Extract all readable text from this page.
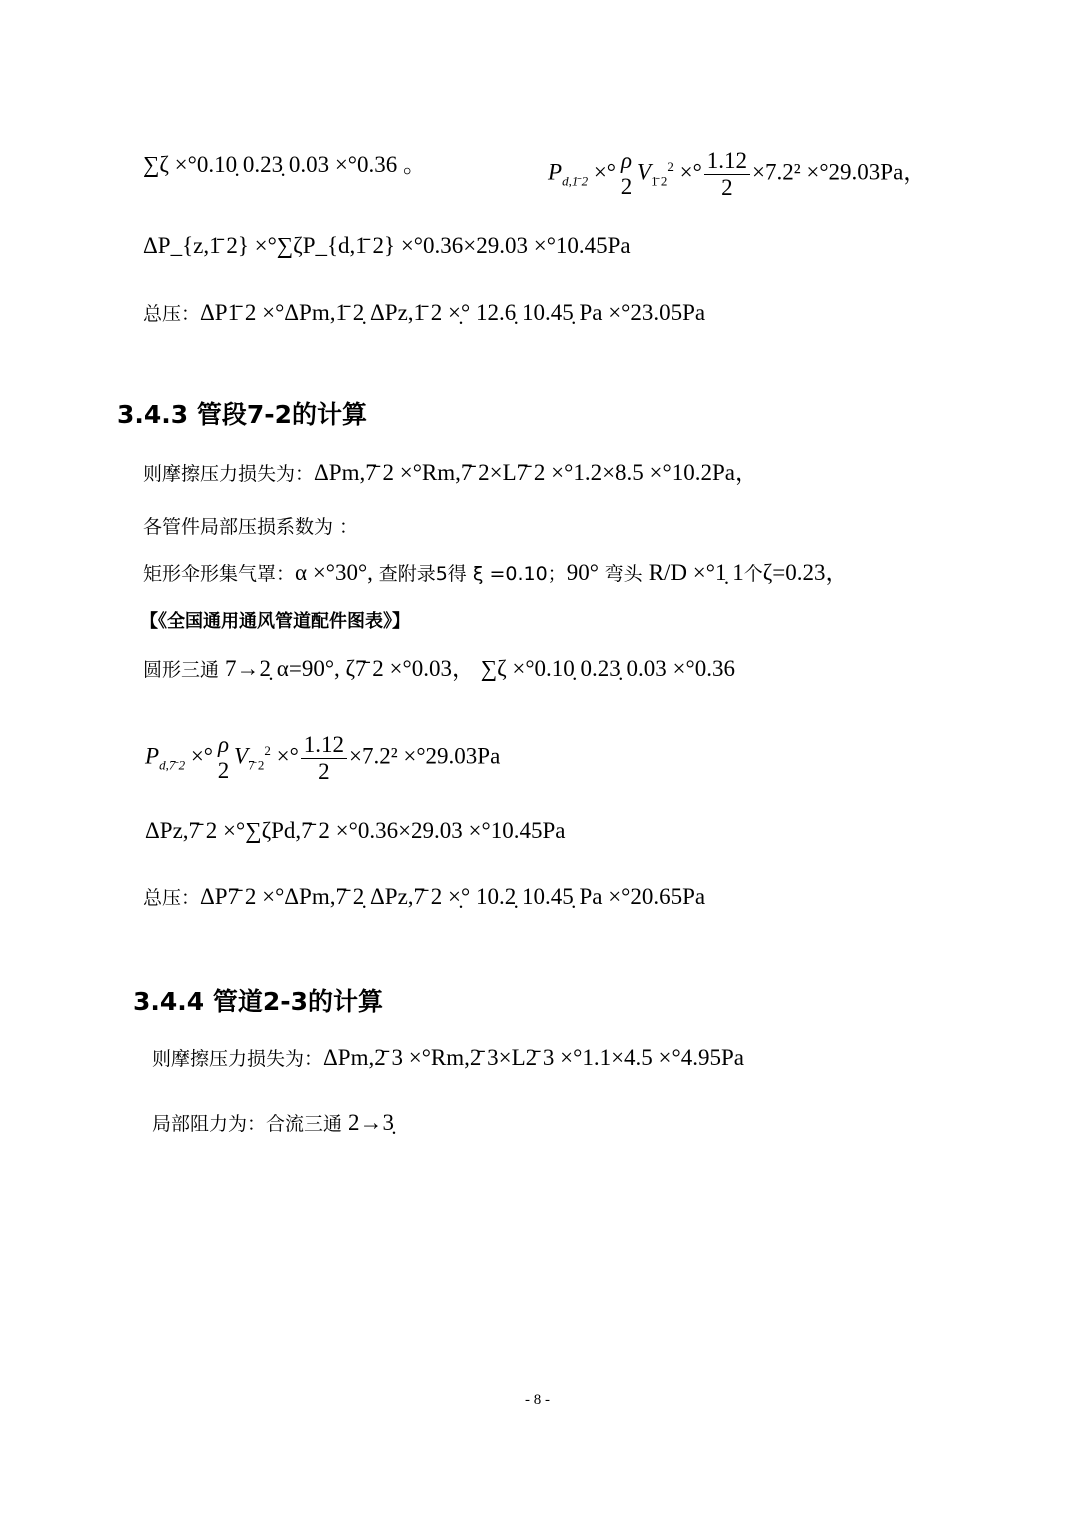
∑ζ ×°0.10̣ 0.23̣ 0.03 ×°0.36 。	$P_{d,1̄ 2}$ ×° ρ
2
$V_{1̄ 2}^2$ ×° $\frac{1.12}{2} \times 7.2^2 \times^\circ 29.03Pa$，
ΔP_{z,1̄ 2} ×°∑ζP_{d,1̄ 2} ×°0.36×29.03 ×°10.45Pa
总压：ΔP1̄ 2 ×°ΔPm,1̄ 2̣ ΔPz,1̄ 2 ×̣° 12.6̣ 10.45̣ Pa ×°23.05Pa
3.4.3 管段7-2的计算
则摩擦压力损失为：ΔPm,7̄ 2 ×°Rm,7̄ 2×L7̄ 2 ×°1.2×8.5 ×°10.2Pa，
各管件局部压损系数为 ：
矩形伞形集气罩：α ×°30°, 查附录5得 ξ =0.10；90° 弯头 R/D ×°1̣ 1个ζ=0.23，
【《全国通用通风管道配件图表》】
圆形三通 7→2̣ α=90°, ζ7̄ 2 ×°0.03， ∑ζ ×°0.10̣ 0.23̣ 0.03 ×°0.36
$P_{d,7̄ 2}$ ×° ρ
2
$V_{7̄ 2}^2$ ×° $\frac{1.12}{2} \times 7.2^2 \times^\circ 29.03Pa$
ΔPz,7̄ 2 ×°∑ζPd,7̄ 2 ×°0.36×29.03 ×°10.45Pa
总压：ΔP7̄ 2 ×°ΔPm,7̄ 2̣ ΔPz,7̄ 2 ×̣° 10.2̣ 10.45̣ Pa ×°20.65Pa
3.4.4 管道2-3的计算
则摩擦压力损失为：ΔPm,2̄ 3 ×°Rm,2̄ 3×L2̄ 3 ×°1.1×4.5 ×°4.95Pa
局部阻力为：合流三通 2→3̣
- 8 -
